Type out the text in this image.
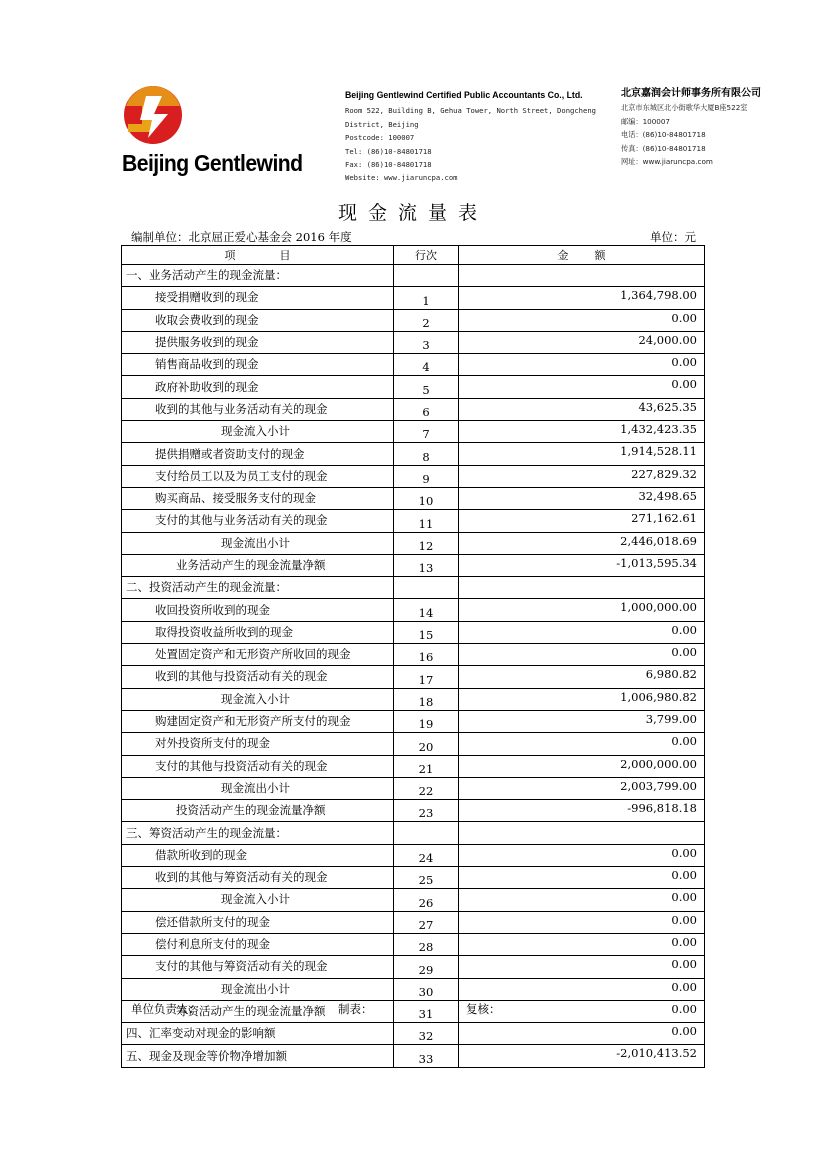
Beijing Gentlewind
Beijing Gentlewind Certified Public Accountants Co., Ltd.
Room 522, Building B, Gehua Tower, North Street, Dongcheng
District, Beijing
Postcode: 100007
Tel: (86)10-84801718
Fax: (86)10-84801718
Website: www.jiaruncpa.com
北京嘉润会计师事务所有限公司
北京市东城区北小街歌华大厦B座522室
邮编：100007
电话：(86)10-84801718
传真：(86)10-84801718
网址：www.jiaruncpa.com
现金流量表
编制单位：北京屈正爱心基金会 2016 年度	单位：元
项目	行次	金额
一、业务活动产生的现金流量：		
接受捐赠收到的现金	1	1,364,798.00
收取会费收到的现金	2	0.00
提供服务收到的现金	3	24,000.00
销售商品收到的现金	4	0.00
政府补助收到的现金	5	0.00
收到的其他与业务活动有关的现金	6	43,625.35
现金流入小计	7	1,432,423.35
提供捐赠或者资助支付的现金	8	1,914,528.11
支付给员工以及为员工支付的现金	9	227,829.32
购买商品、接受服务支付的现金	10	32,498.65
支付的其他与业务活动有关的现金	11	271,162.61
现金流出小计	12	2,446,018.69
业务活动产生的现金流量净额	13	-1,013,595.34
二、投资活动产生的现金流量：		
收回投资所收到的现金	14	1,000,000.00
取得投资收益所收到的现金	15	0.00
处置固定资产和无形资产所收回的现金	16	0.00
收到的其他与投资活动有关的现金	17	6,980.82
现金流入小计	18	1,006,980.82
购建固定资产和无形资产所支付的现金	19	3,799.00
对外投资所支付的现金	20	0.00
支付的其他与投资活动有关的现金	21	2,000,000.00
现金流出小计	22	2,003,799.00
投资活动产生的现金流量净额	23	-996,818.18
三、筹资活动产生的现金流量：		
借款所收到的现金	24	0.00
收到的其他与筹资活动有关的现金	25	0.00
现金流入小计	26	0.00
偿还借款所支付的现金	27	0.00
偿付利息所支付的现金	28	0.00
支付的其他与筹资活动有关的现金	29	0.00
现金流出小计	30	0.00
筹资活动产生的现金流量净额	31	0.00
四、汇率变动对现金的影响额	32	0.00
五、现金及现金等价物净增加额	33	-2,010,413.52
单位负责人：	制表：	复核：
